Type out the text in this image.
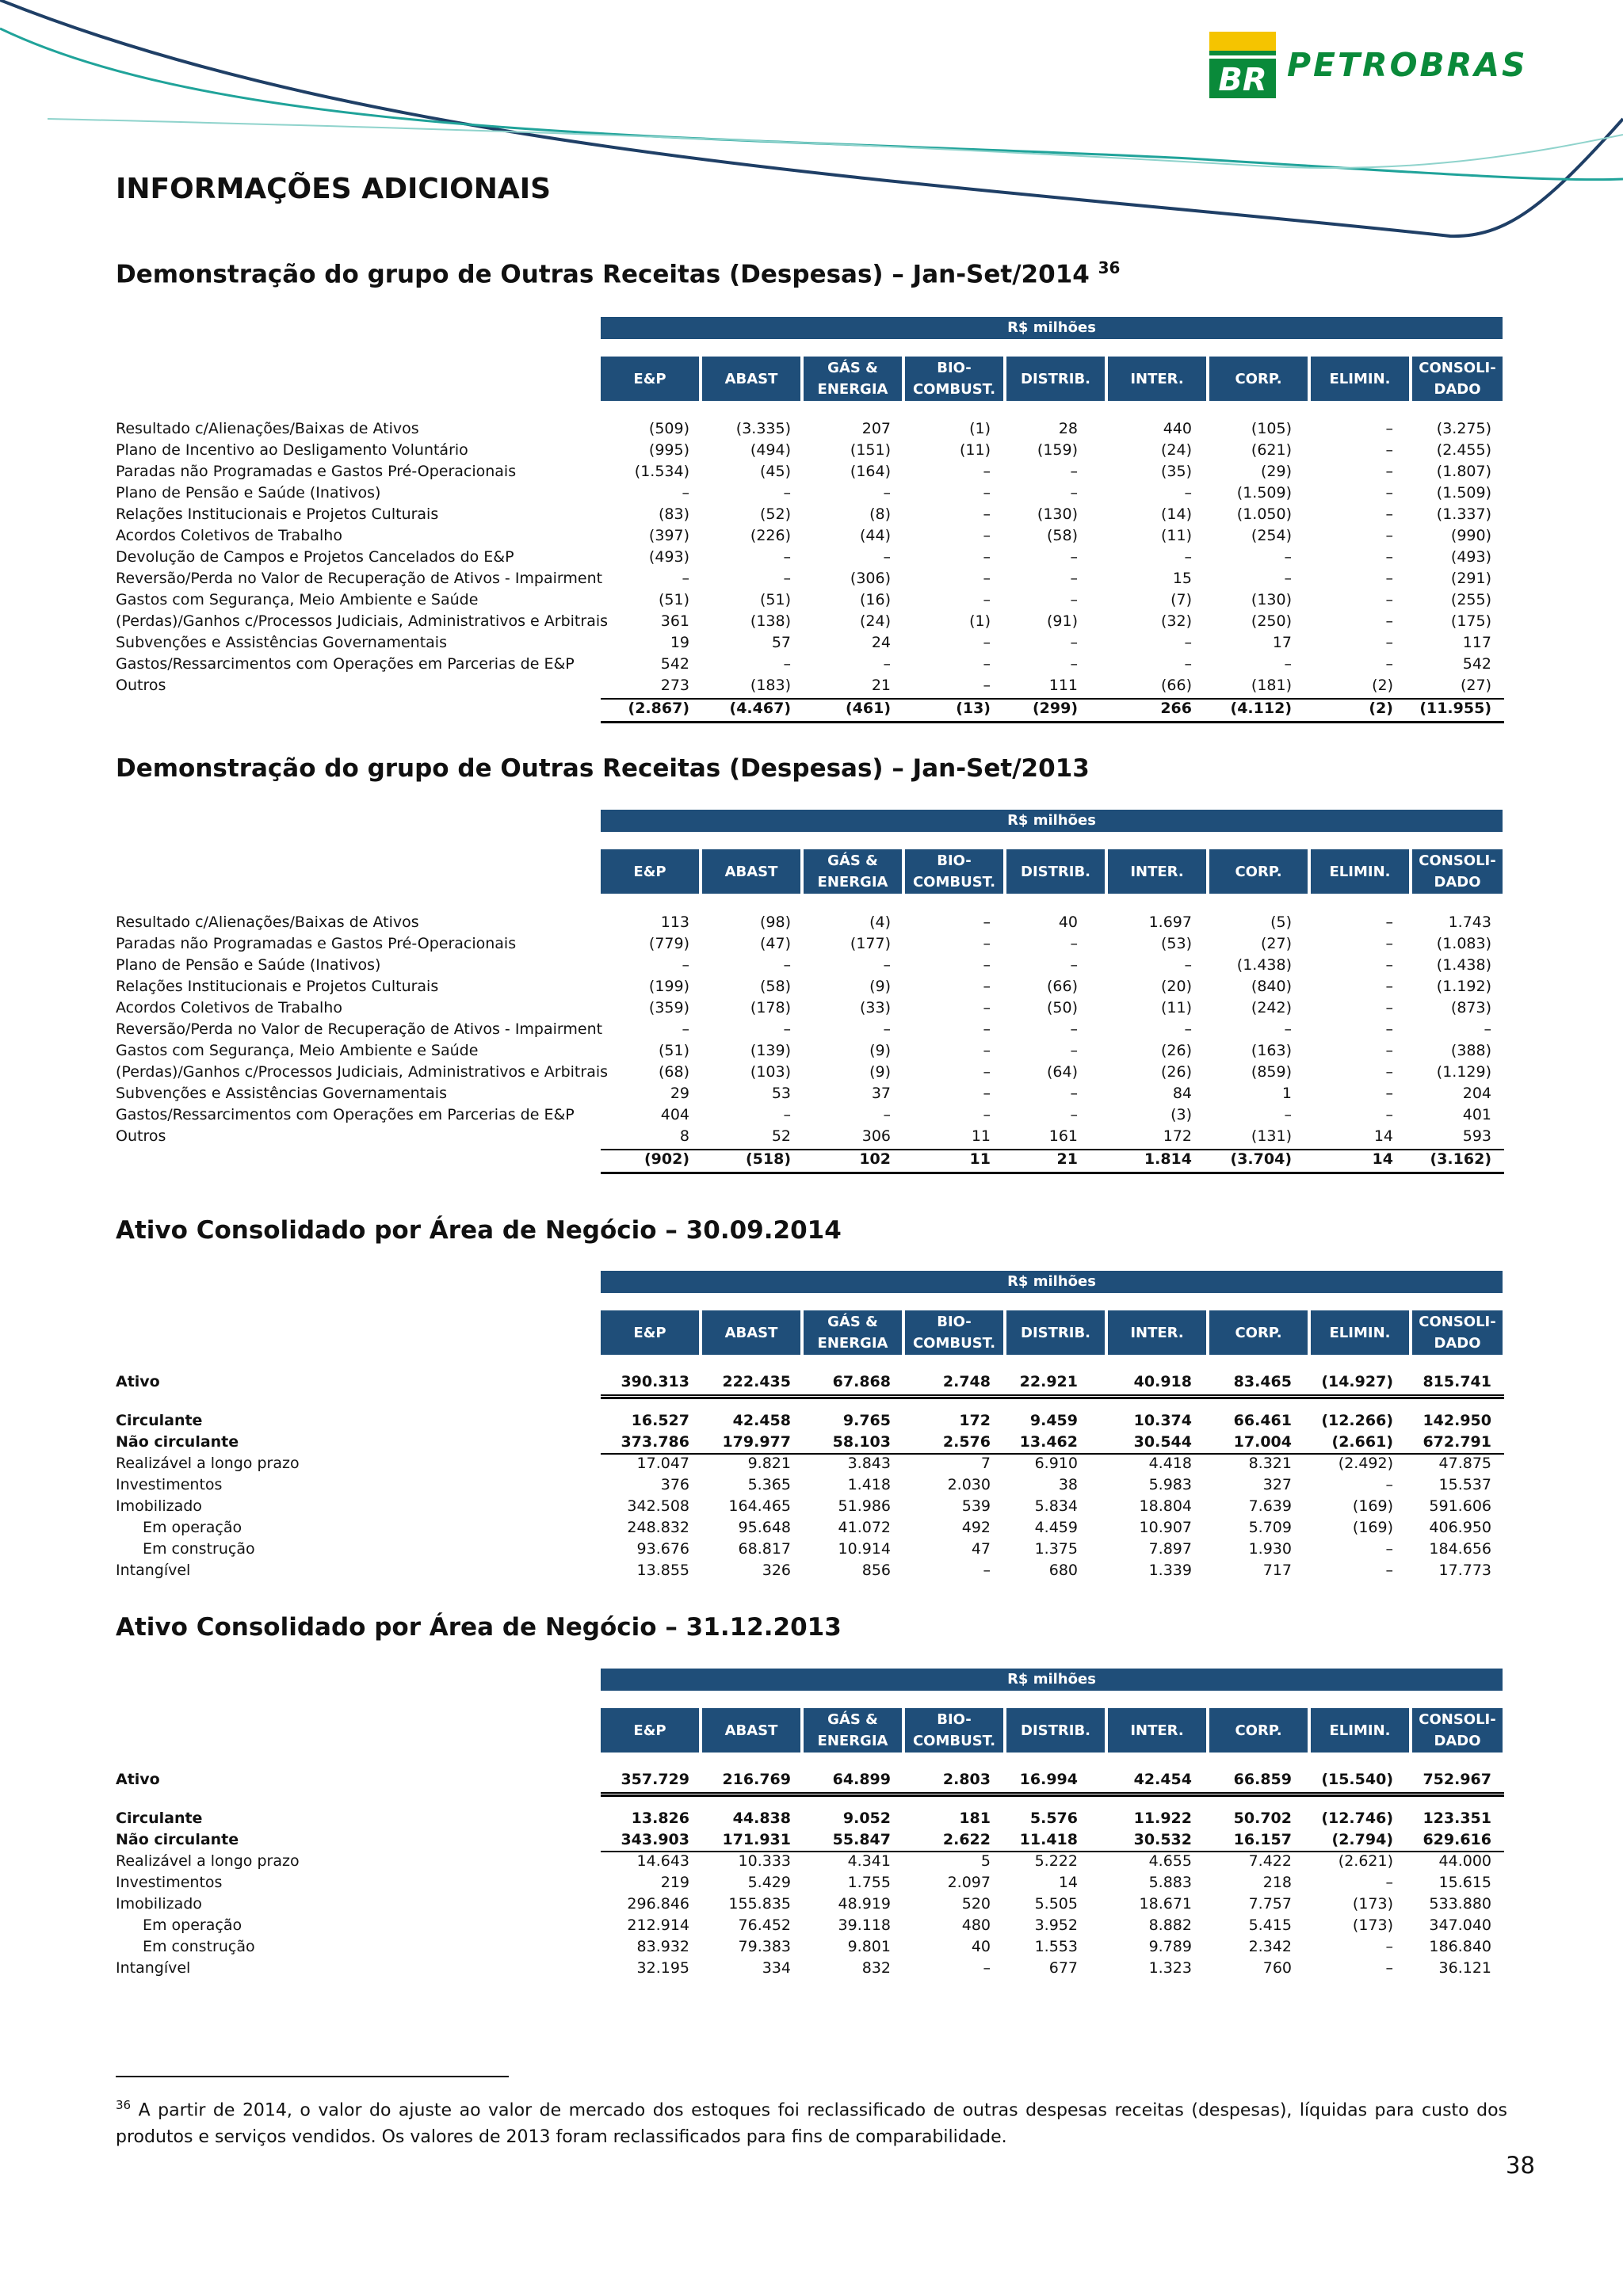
BR PETROBRAS
INFORMAÇÕES ADICIONAIS
Demonstração do grupo de Outras Receitas (Despesas) – Jan-Set/2014 $^{36}$
R$ milhões
E&P	ABAST
GÁS & ENERGIA
BIO-COMBUST.
DISTRIB.	INTER.	CORP.	ELIMIN.
CONSOLI-DADO
Resultado c/Alienações/Baixas de Ativos	(509)	(3.335)	207	(1)	28	440	(105)	–	(3.275)
Plano de Incentivo ao Desligamento Voluntário	(995)	(494)	(151)	(11)	(159)	(24)	(621)	–	(2.455)
Paradas não Programadas e Gastos Pré-Operacionais	(1.534)	(45)	(164)	–	–	(35)	(29)	–	(1.807)
Plano de Pensão e Saúde (Inativos)	–	–	–	–	–	–	(1.509)	–	(1.509)
Relações Institucionais e Projetos Culturais	(83)	(52)	(8)	–	(130)	(14)	(1.050)	–	(1.337)
Acordos Coletivos de Trabalho	(397)	(226)	(44)	–	(58)	(11)	(254)	–	(990)
Devolução de Campos e Projetos Cancelados do E&P	(493)	–	–	–	–	–	–	–	(493)
Reversão/Perda no Valor de Recuperação de Ativos - Impairment	–	–	(306)	–	–	15	–	–	(291)
Gastos com Segurança, Meio Ambiente e Saúde	(51)	(51)	(16)	–	–	(7)	(130)	–	(255)
(Perdas)/Ganhos c/Processos Judiciais, Administrativos e Arbitrais	361	(138)	(24)	(1)	(91)	(32)	(250)	–	(175)
Subvenções e Assistências Governamentais	19	57	24	–	–	–	17	–	117
Gastos/Ressarcimentos com Operações em Parcerias de E&P	542	–	–	–	–	–	–	–	542
Outros	273	(183)	21	–	111	(66)	(181)	(2)	(27)
(2.867)	(4.467)	(461)	(13)	(299)	266	(4.112)	(2) (11.955)
Demonstração do grupo de Outras Receitas (Despesas) – Jan-Set/2013
R$ milhões
E&P	ABAST
GÁS & ENERGIA
BIO-COMBUST.
DISTRIB.	INTER.	CORP.	ELIMIN.
CONSOLI-DADO
Resultado c/Alienações/Baixas de Ativos	113	(98)	(4)	–	40	1.697	(5)	–	1.743
Paradas não Programadas e Gastos Pré-Operacionais	(779)	(47)	(177)	–	–	(53)	(27)	–	(1.083)
Plano de Pensão e Saúde (Inativos)	–	–	–	–	–	–	(1.438)	–	(1.438)
Relações Institucionais e Projetos Culturais	(199)	(58)	(9)	–	(66)	(20)	(840)	–	(1.192)
Acordos Coletivos de Trabalho	(359)	(178)	(33)	–	(50)	(11)	(242)	–	(873)
Reversão/Perda no Valor de Recuperação de Ativos - Impairment	–	–	–	–	–	–	–	–	–
Gastos com Segurança, Meio Ambiente e Saúde	(51)	(139)	(9)	–	–	(26)	(163)	–	(388)
(Perdas)/Ganhos c/Processos Judiciais, Administrativos e Arbitrais	(68)	(103)	(9)	–	(64)	(26)	(859)	–	(1.129)
Subvenções e Assistências Governamentais	29	53	37	–	–	84	1	–	204
Gastos/Ressarcimentos com Operações em Parcerias de E&P	404	–	–	–	–	(3)	–	–	401
Outros	8	52	306	11	161	172	(131)	14	593
(902)	(518)	102	11	21	1.814	(3.704)	14 (3.162)
Ativo Consolidado por Área de Negócio – 30.09.2014
R$ milhões
E&P	ABAST
GÁS & ENERGIA
BIO-COMBUST.
DISTRIB.	INTER.	CORP.	ELIMIN.
CONSOLI-DADO
Ativo	390.313 222.435	67.868	2.748 22.921	40.918	83.465 (14.927) 815.741
Circulante	16.527	42.458	9.765	172	9.459	10.374	66.461 (12.266) 142.950
Não circulante	373.786 179.977	58.103	2.576 13.462	30.544	17.004	(2.661) 672.791
Realizável a longo prazo	17.047	9.821	3.843	7	6.910	4.418	8.321	(2.492)	47.875
Investimentos	376	5.365	1.418	2.030	38	5.983	327	–	15.537
Imobilizado	342.508	164.465	51.986	539	5.834	18.804	7.639	(169) 591.606
Em operação	248.832	95.648	41.072	492	4.459	10.907	5.709	(169) 406.950
Em construção	93.676	68.817	10.914	47	1.375	7.897	1.930	– 184.656
Intangível	13.855	326	856	–	680	1.339	717	–	17.773
Ativo Consolidado por Área de Negócio – 31.12.2013
R$ milhões
E&P	ABAST
GÁS & ENERGIA
BIO-COMBUST.
DISTRIB.	INTER.	CORP.	ELIMIN.
CONSOLI-DADO
Ativo	357.729 216.769	64.899	2.803 16.994	42.454	66.859 (15.540) 752.967
Circulante	13.826	44.838	9.052	181	5.576	11.922	50.702 (12.746) 123.351
Não circulante	343.903 171.931	55.847	2.622 11.418	30.532	16.157	(2.794) 629.616
Realizável a longo prazo	14.643	10.333	4.341	5	5.222	4.655	7.422	(2.621)	44.000
Investimentos	219	5.429	1.755	2.097	14	5.883	218	–	15.615
Imobilizado	296.846	155.835	48.919	520	5.505	18.671	7.757	(173) 533.880
Em operação	212.914	76.452	39.118	480	3.952	8.882	5.415	(173) 347.040
Em construção	83.932	79.383	9.801	40	1.553	9.789	2.342	– 186.840
Intangível	32.195	334	832	–	677	1.323	760	–	36.121

$^{36}$ A partir de 2014, o valor do ajuste ao valor de mercado dos estoques foi reclassificado de outras despesas receitas (despesas), líquidas para custo dos produtos e serviços vendidos. Os valores de 2013 foram reclassificados para fins de comparabilidade.

38
